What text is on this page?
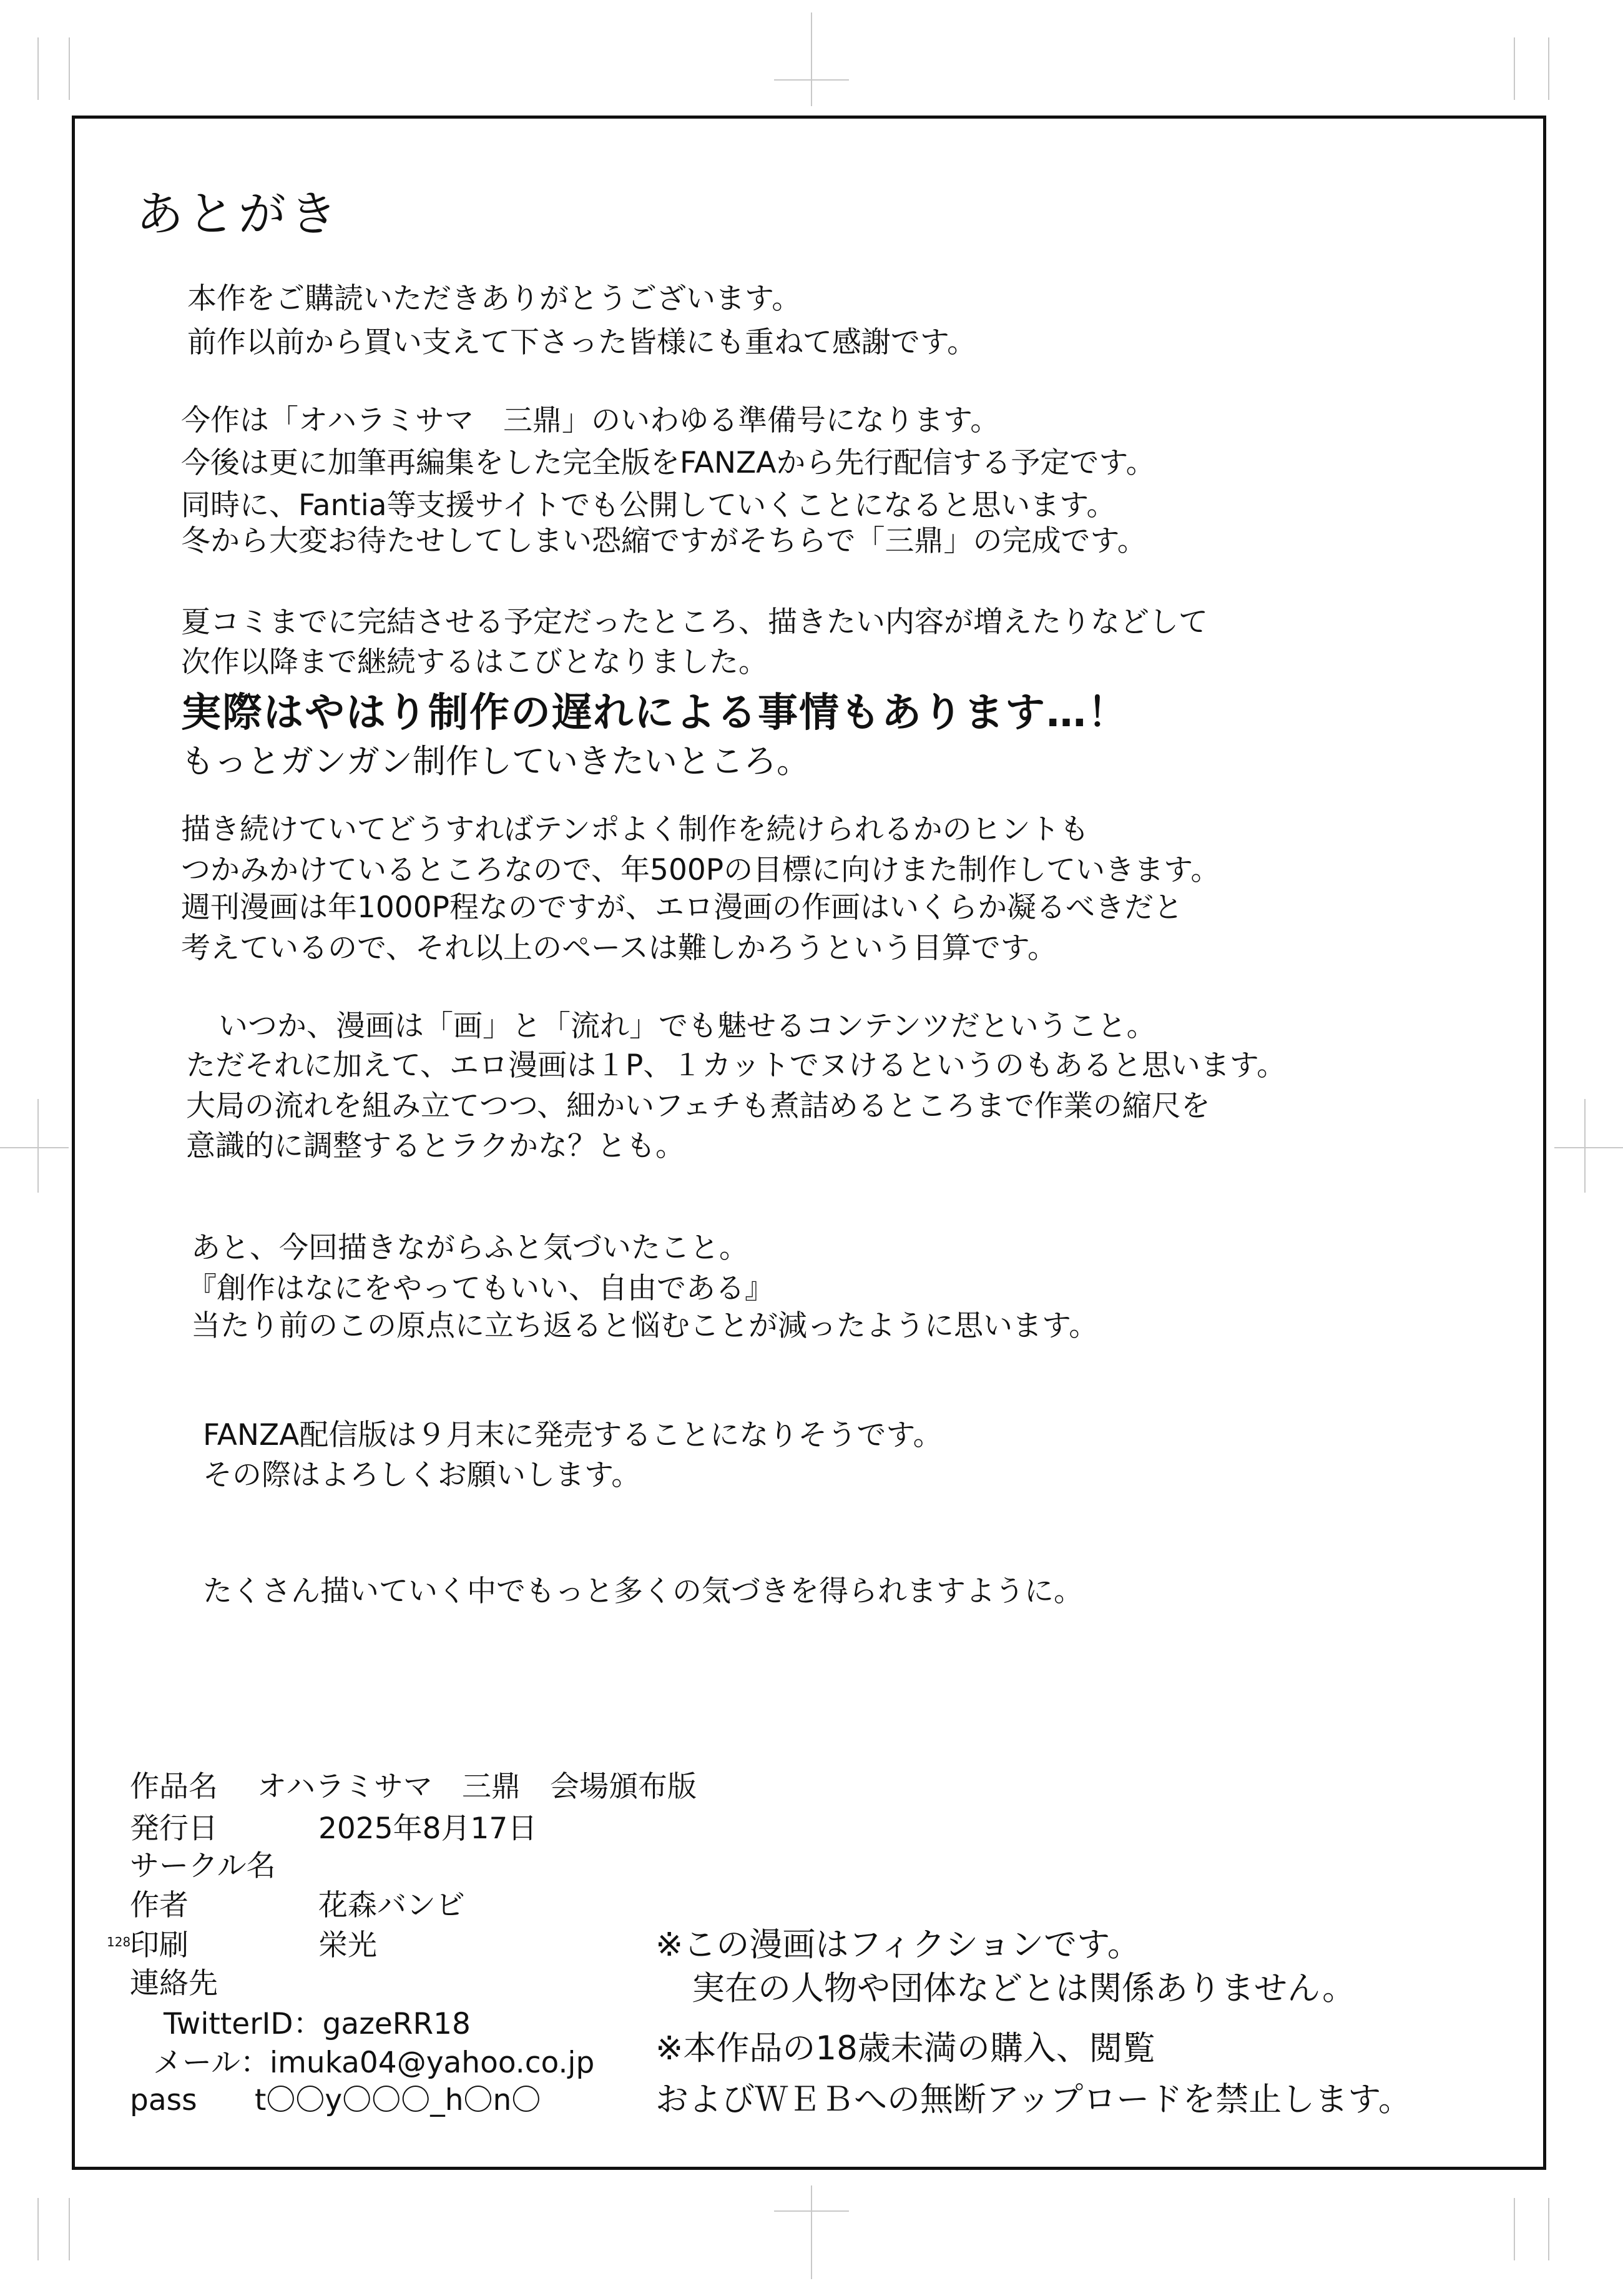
あとがき
本作をご購読いただきありがとうございます。
前作以前から買い支えて下さった皆様にも重ねて感謝です。
今作は「オハラミサマ　三鼎」のいわゆる準備号になります。
今後は更に加筆再編集をした完全版をFANZAから先行配信する予定です。
同時に、Fantia等支援サイトでも公開していくことになると思います。
冬から大変お待たせしてしまい恐縮ですがそちらで「三鼎」の完成です。
夏コミまでに完結させる予定だったところ、描きたい内容が増えたりなどして
次作以降まで継続するはこびとなりました。
実際はやはり制作の遅れによる事情もあります…！
もっとガンガン制作していきたいところ。
描き続けていてどうすればテンポよく制作を続けられるかのヒントも
つかみかけているところなので、年500Pの目標に向けまた制作していきます。
週刊漫画は年1000P程なのですが、エロ漫画の作画はいくらか凝るべきだと
考えているので、それ以上のペースは難しかろうという目算です。
いつか、漫画は「画」と「流れ」でも魅せるコンテンツだということ。
ただそれに加えて、エロ漫画は１P、１カットでヌけるというのもあると思います。
大局の流れを組み立てつつ、細かいフェチも煮詰めるところまで作業の縮尺を
意識的に調整するとラクかな？とも。
あと、今回描きながらふと気づいたこと。
『創作はなにをやってもいい、自由である』
当たり前のこの原点に立ち返ると悩むことが減ったように思います。
FANZA配信版は９月末に発売することになりそうです。
その際はよろしくお願いします。
たくさん描いていく中でもっと多くの気づきを得られますように。
作品名 オハラミサマ　三鼎　会場頒布版
発行日	2025年8月17日
サークル名
作者	花森バンビ
印刷	栄光
128
連絡先
TwitterID：gazeRR18
メール：imuka04@yahoo.co.jp
pass t〇〇y〇〇〇_h〇n〇
※この漫画はフィクションです。
実在の人物や団体などとは関係ありません。
※本作品の18歳未満の購入、閲覧
およびＷＥＢへの無断アップロードを禁止します。
